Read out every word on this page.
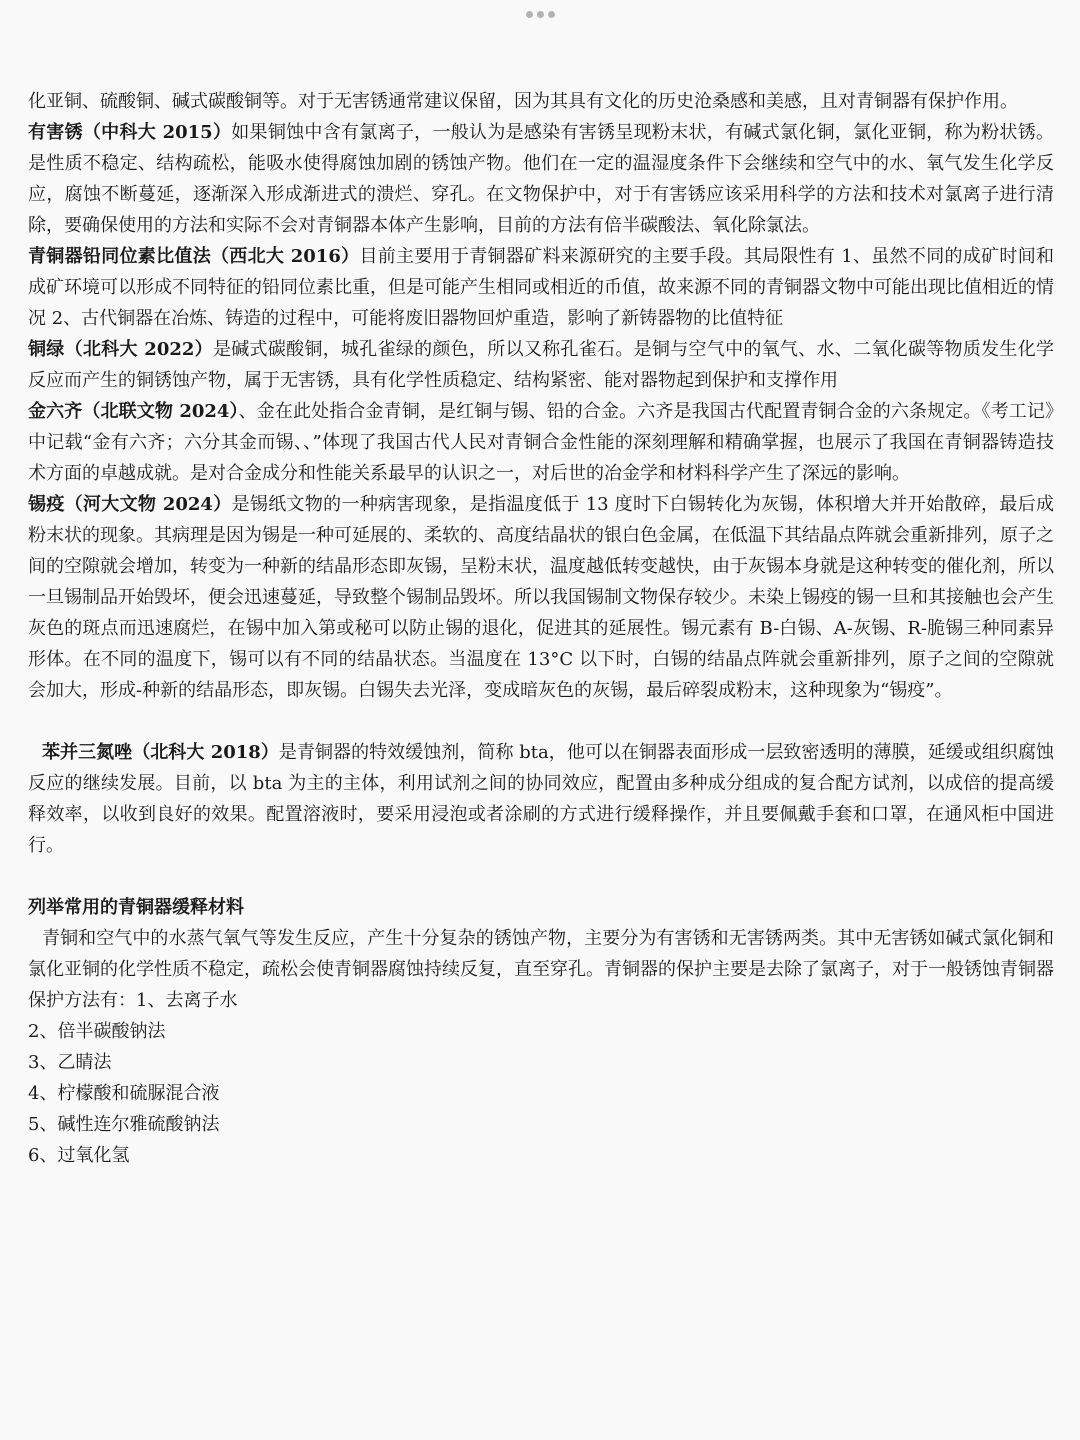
化亚铜、硫酸铜、碱式碳酸铜等。对于无害锈通常建议保留，因为其具有文化的历史沧桑感和美感，且对青铜器有保护作用。

有害锈（中科大 2015）如果铜蚀中含有氯离子，一般认为是感染有害锈呈现粉末状，有碱式氯化铜，氯化亚铜，称为粉状锈。是性质不稳定、结构疏松，能吸水使得腐蚀加剧的锈蚀产物。他们在一定的温湿度条件下会继续和空气中的水、氧气发生化学反应，腐蚀不断蔓延，逐渐深入形成渐进式的溃烂、穿孔。在文物保护中，对于有害锈应该采用科学的方法和技术对氯离子进行清除，要确保使用的方法和实际不会对青铜器本体产生影响，目前的方法有倍半碳酸法、氧化除氯法。

青铜器铅同位素比值法（西北大 2016）目前主要用于青铜器矿料来源研究的主要手段。其局限性有 1、虽然不同的成矿时间和成矿环境可以形成不同特征的铅同位素比重，但是可能产生相同或相近的币值，故来源不同的青铜器文物中可能出现比值相近的情况 2、古代铜器在冶炼、铸造的过程中，可能将废旧器物回炉重造，影响了新铸器物的比值特征

铜绿（北科大 2022）是碱式碳酸铜，城孔雀绿的颜色，所以又称孔雀石。是铜与空气中的氧气、水、二氧化碳等物质发生化学反应而产生的铜锈蚀产物，属于无害锈，具有化学性质稳定、结构紧密、能对器物起到保护和支撑作用

金六齐（北联文物 2024）、金在此处指合金青铜，是红铜与锡、铅的合金。六齐是我国古代配置青铜合金的六条规定。《考工记》中记载“金有六齐；六分其金而锡、、”体现了我国古代人民对青铜合金性能的深刻理解和精确掌握，也展示了我国在青铜器铸造技术方面的卓越成就。是对合金成分和性能关系最早的认识之一，对后世的冶金学和材料科学产生了深远的影响。

锡疫（河大文物 2024）是锡纸文物的一种病害现象，是指温度低于 13 度时下白锡转化为灰锡，体积增大并开始散碎，最后成粉末状的现象。其病理是因为锡是一种可延展的、柔软的、高度结晶状的银白色金属，在低温下其结晶点阵就会重新排列，原子之间的空隙就会增加，转变为一种新的结晶形态即灰锡，呈粉末状，温度越低转变越快，由于灰锡本身就是这种转变的催化剂，所以一旦锡制品开始毁坏，便会迅速蔓延，导致整个锡制品毁坏。所以我国锡制文物保存较少。未染上锡疫的锡一旦和其接触也会产生灰色的斑点而迅速腐烂，在锡中加入第或秘可以防止锡的退化，促进其的延展性。锡元素有 B-白锡、A-灰锡、R-脆锡三种同素异形体。在不同的温度下，锡可以有不同的结晶状态。当温度在 13°C 以下时，白锡的结晶点阵就会重新排列，原子之间的空隙就会加大，形成-种新的结晶形态，即灰锡。白锡失去光泽，变成暗灰色的灰锡，最后碎裂成粉末，这种现象为“锡疫”。

苯并三氮唑（北科大 2018）是青铜器的特效缓蚀剂，简称 bta，他可以在铜器表面形成一层致密透明的薄膜，延缓或组织腐蚀反应的继续发展。目前，以 bta 为主的主体，利用试剂之间的协同效应，配置由多种成分组成的复合配方试剂，以成倍的提高缓释效率，以收到良好的效果。配置溶液时，要采用浸泡或者涂刷的方式进行缓释操作，并且要佩戴手套和口罩，在通风柜中国进行。

列举常用的青铜器缓释材料

青铜和空气中的水蒸气氧气等发生反应，产生十分复杂的锈蚀产物，主要分为有害锈和无害锈两类。其中无害锈如碱式氯化铜和氯化亚铜的化学性质不稳定，疏松会使青铜器腐蚀持续反复，直至穿孔。青铜器的保护主要是去除了氯离子，对于一般锈蚀青铜器保护方法有：1、去离子水

2、倍半碳酸钠法

3、乙睛法

4、柠檬酸和硫脲混合液

5、碱性连尔雅硫酸钠法

6、过氧化氢
